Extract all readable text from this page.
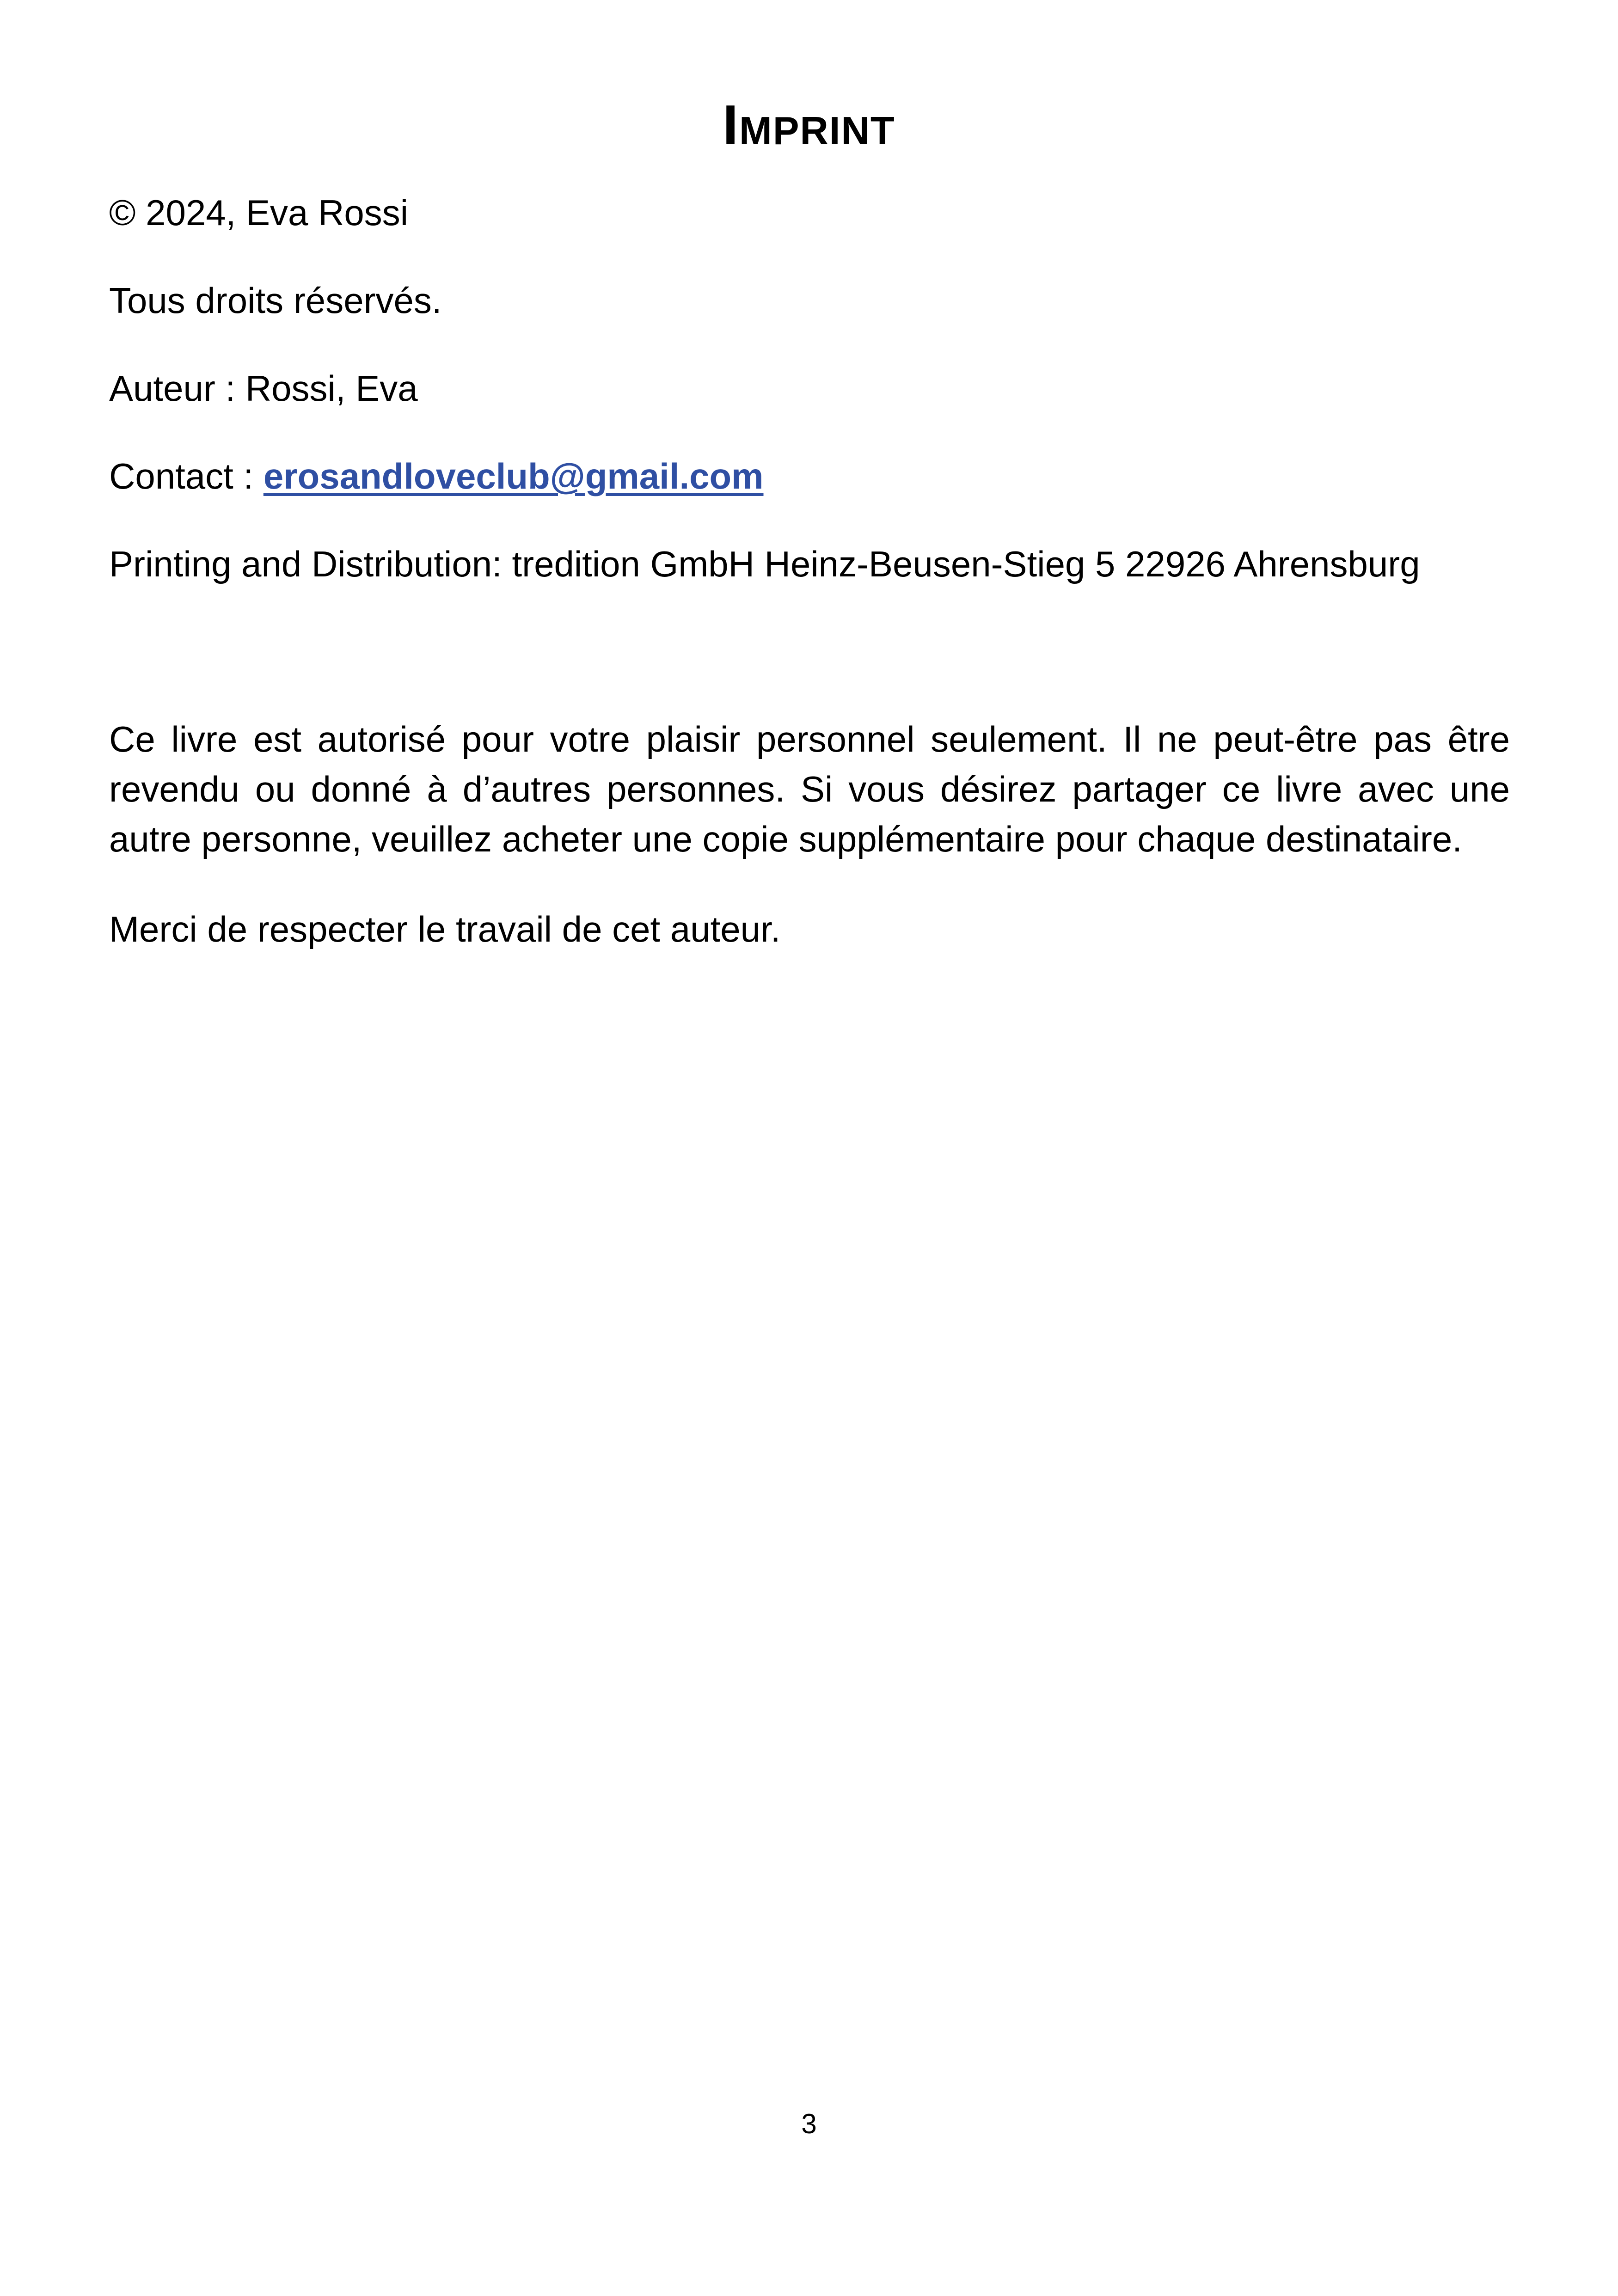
Imprint
© 2024, Eva Rossi
Tous droits réservés.
Auteur : Rossi, Eva
Contact : erosandloveclub@gmail.com
Printing and Distribution: tredition GmbH Heinz-Beusen-Stieg 5 22926 Ahrensburg
Ce livre est autorisé pour votre plaisir personnel seulement. Il ne peut-être pas être revendu ou donné à d’autres personnes. Si vous désirez partager ce livre avec une autre personne, veuillez acheter une copie supplémentaire pour chaque destinataire.
Merci de respecter le travail de cet auteur.
3
